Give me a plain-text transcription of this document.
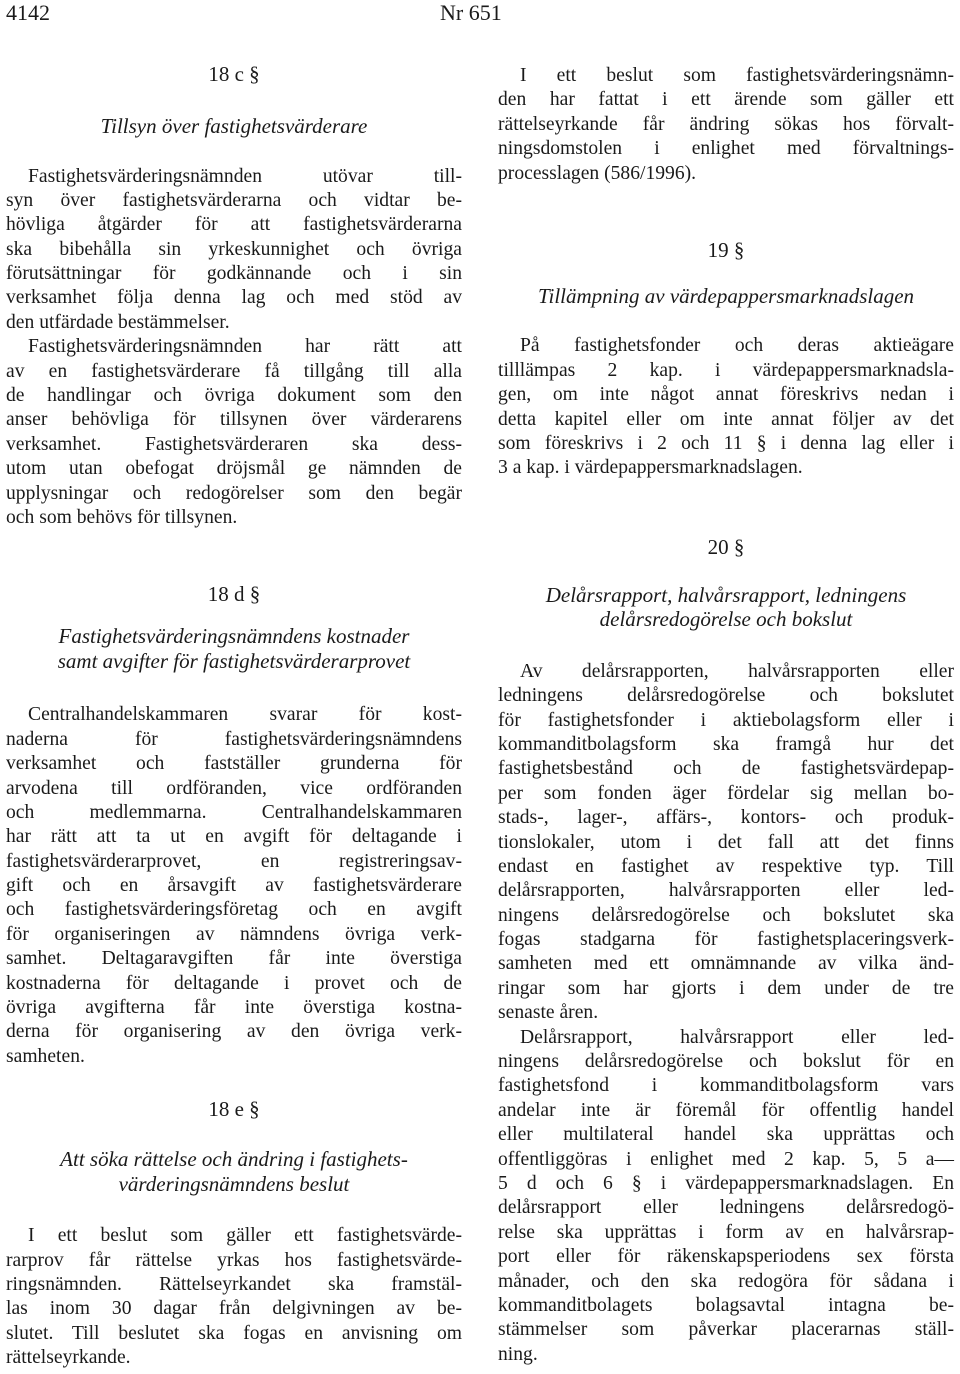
4142	Nr 651

18 c §

Tillsyn över fastighetsvärderare

Fastighetsvärderingsnämnden utövar till-
syn över fastighetsvärderarna och vidtar be-
hövliga åtgärder för att fastighetsvärderarna
ska bibehålla sin yrkeskunnighet och övriga
förutsättningar för godkännande och i sin
verksamhet följa denna lag och med stöd av
den utfärdade bestämmelser.
Fastighetsvärderingsnämnden har rätt att
av en fastighetsvärderare få tillgång till alla
de handlingar och övriga dokument som den
anser behövliga för tillsynen över värderarens
verksamhet. Fastighetsvärderaren ska dess-
utom utan obefogat dröjsmål ge nämnden de
upplysningar och redogörelser som den begär
och som behövs för tillsynen.

18 d §

Fastighetsvärderingsnämndens kostnader

samt avgifter för fastighetsvärderarprovet

Centralhandelskammaren svarar för kost-
naderna för fastighetsvärderingsnämndens
verksamhet och fastställer grunderna för
arvodena till ordföranden, vice ordföranden
och medlemmarna. Centralhandelskammaren
har rätt att ta ut en avgift för deltagande i
fastighetsvärderarprovet, en registreringsav-
gift och en årsavgift av fastighetsvärderare
och fastighetsvärderingsföretag och en avgift
för organiseringen av nämndens övriga verk-
samhet. Deltagaravgiften får inte överstiga
kostnaderna för deltagande i provet och de
övriga avgifterna får inte överstiga kostna-
derna för organisering av den övriga verk-
samheten.

18 e §

Att söka rättelse och ändring i fastighets-

värderingsnämndens beslut

I ett beslut som gäller ett fastighetsvärde-
rarprov får rättelse yrkas hos fastighetsvärde-
ringsnämnden. Rättelseyrkandet ska framstäl-
las inom 30 dagar från delgivningen av be-
slutet. Till beslutet ska fogas en anvisning om
rättelseyrkande.
I ett beslut som fastighetsvärderingsnämn-
den har fattat i ett ärende som gäller ett
rättelseyrkande får ändring sökas hos förvalt-
ningsdomstolen i enlighet med förvaltnings-
processlagen (586/1996).

19 §

Tillämpning av värdepappersmarknadslagen

På fastighetsfonder och deras aktieägare
tilllämpas 2 kap. i värdepappersmarknadsla-
gen, om inte något annat föreskrivs nedan i
detta kapitel eller om inte annat följer av det
som föreskrivs i 2 och 11 § i denna lag eller i
3 a kap. i värdepappersmarknadslagen.

20 §

Delårsrapport, halvårsrapport, ledningens

delårsredogörelse och bokslut

Av delårsrapporten, halvårsrapporten eller
ledningens delårsredogörelse och bokslutet
för fastighetsfonder i aktiebolagsform eller i
kommanditbolagsform ska framgå hur det
fastighetsbestånd och de fastighetsvärdepap-
per som fonden äger fördelar sig mellan bo-
stads-, lager-, affärs-, kontors- och produk-
tionslokaler, utom i det fall att det finns
endast en fastighet av respektive typ. Till
delårsrapporten, halvårsrapporten eller led-
ningens delårsredogörelse och bokslutet ska
fogas stadgarna för fastighetsplaceringsverk-
samheten med ett omnämnande av vilka änd-
ringar som har gjorts i dem under de tre
senaste åren.
Delårsrapport, halvårsrapport eller led-
ningens delårsredogörelse och bokslut för en
fastighetsfond i kommanditbolagsform vars
andelar inte är föremål för offentlig handel
eller multilateral handel ska upprättas och
offentliggöras i enlighet med 2 kap. 5, 5 a—
5 d och 6 § i värdepappersmarknadslagen. En
delårsrapport eller ledningens delårsredogö-
relse ska upprättas i form av en halvårsrap-
port eller för räkenskapsperiodens sex första
månader, och den ska redogöra för sådana i
kommanditbolagets bolagsavtal intagna be-
stämmelser som påverkar placerarnas ställ-
ning.
